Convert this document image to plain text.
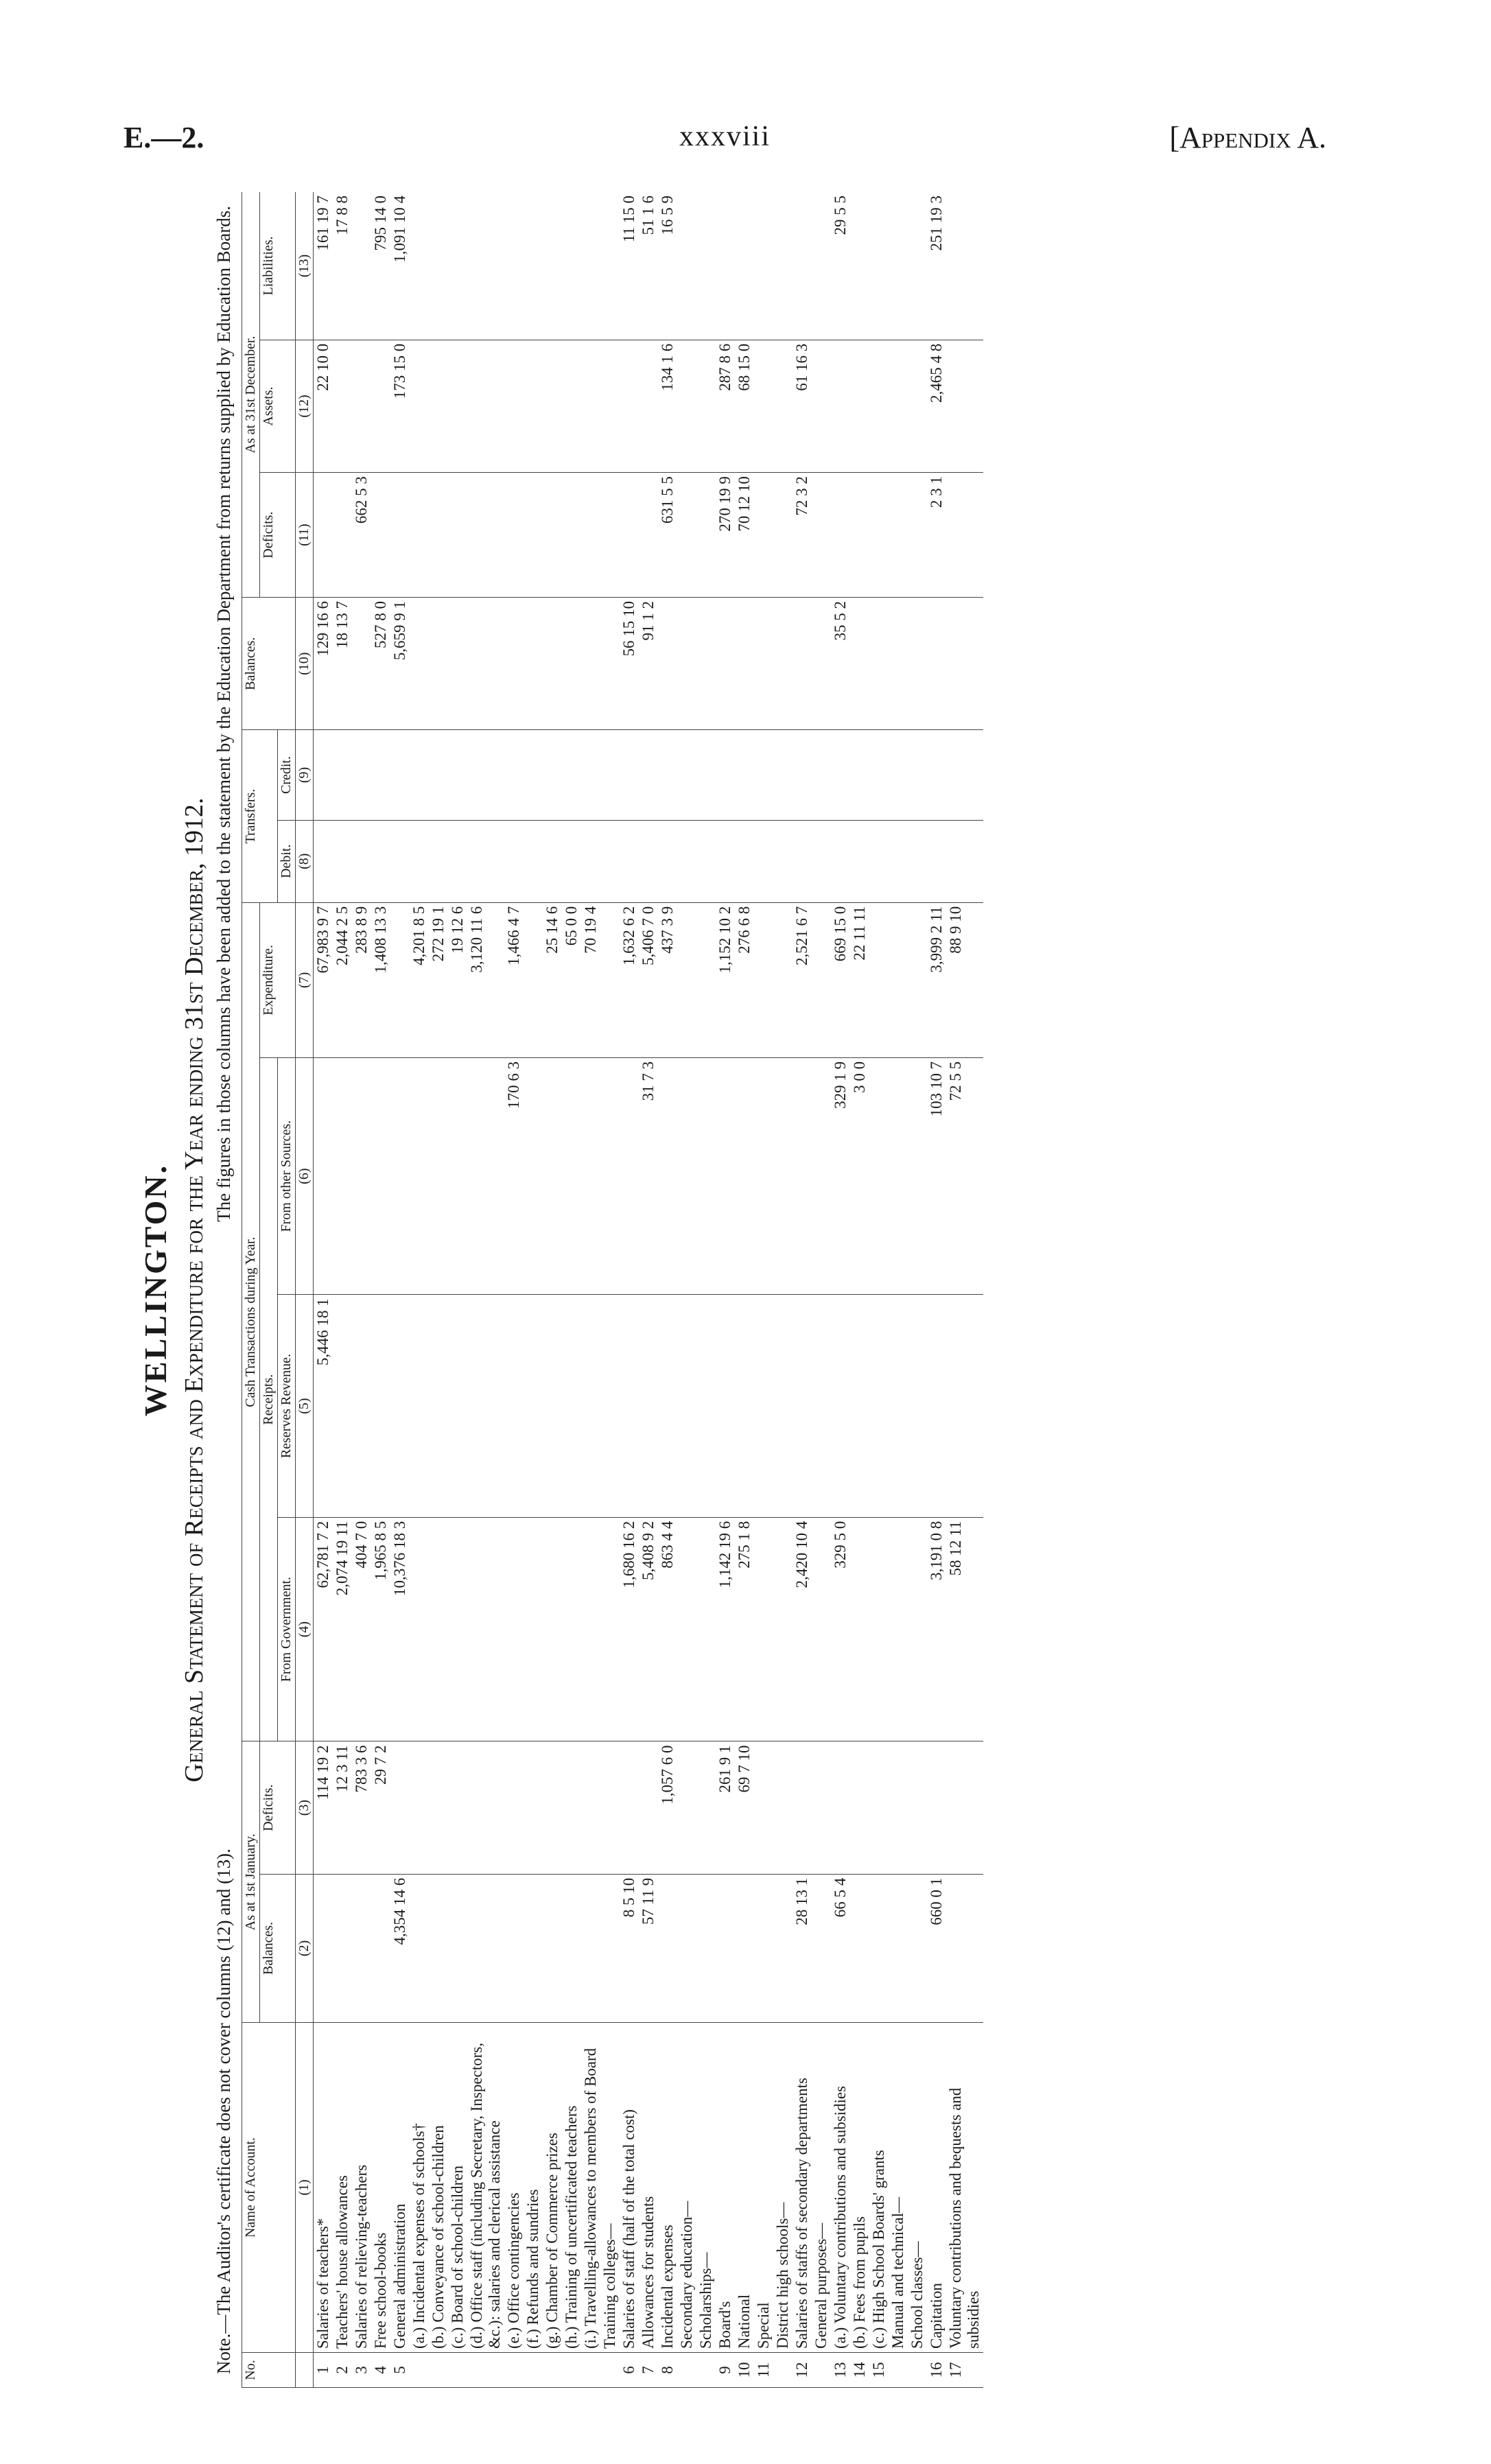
E.—2.	xxxviii	[Appendix A.
WELLINGTON. General Statement of Receipts and Expenditure for the Year ending 31st December, 1912.
Note.—The Auditor's certificate does not cover columns (12) and (13).
The figures in those columns have been added to the statement by the Education Department from returns supplied by Education Boards.
No.	Name of Account.	As at 1st January.		Cash Transactions during Year.				Transfers.		Balances.	As at 31st December.		
		Balances.	Deficits.	Receipts.			Expenditure.				Deficits.	Assets.	Liabilities.
				From Government.	Reserves Revenue.	From other Sources.		Debit.	Credit.				
	(1)	(2)	(3)	(4)	(5)	(6)	(7)	(8)	(9)	(10)	(11)	(12)	(13)
1	Salaries of teachers*		114 19 2	62,781 7 2	5,446 18 1		67,983 9 7			129 16 6		22 10 0	161 19 7
2	Teachers' house allowances		12 3 11	2,074 19 11			2,044 2 5			18 13 7			17 8 8
3	Salaries of relieving-teachers		783 3 6	404 7 0			283 8 9				662 5 3		
4	Free school-books		29 7 2	1,965 8 5			1,408 13 3			527 8 0			795 14 0
5	General administration	4,354 14 6		10,376 18 3						5,659 9 1		173 15 0	1,091 10 4
	(a.) Incidental expenses of schools†						4,201 8 5						
	(b.) Conveyance of school-children						272 19 1						
	(c.) Board of school-children						19 12 6						
	(d.) Office staff (including Secretary, Inspectors, &c.): salaries and clerical assistance						3,120 11 6						
	(e.) Office contingencies					170 6 3	1,466 4 7						
	(f.) Refunds and sundries												
	(g.) Chamber of Commerce prizes						25 14 6						
	(h.) Training of uncertificated teachers						65 0 0						
	(i.) Travelling-allowances to members of Board						70 19 4						
	Training colleges—												
6	Salaries of staff (half of the total cost)	8 5 10		1,680 16 2			1,632 6 2			56 15 10			11 15 0
7	Allowances for students	57 11 9		5,408 9 2		31 7 3	5,406 7 0			91 1 2			51 1 6
8	Incidental expenses		1,057 6 0	863 4 4			437 3 9				631 5 5	134 1 6	16 5 9
	Secondary education—												
	Scholarships—												
9	Board's		261 9 1	1,142 19 6			1,152 10 2				270 19 9	287 8 6	
10	National		69 7 10	275 1 8			276 6 8				70 12 10	68 15 0	
11	Special												
	District high schools—												
12	Salaries of staffs of secondary departments	28 13 1		2,420 10 4			2,521 6 7				72 3 2	61 16 3	
	General purposes—												
13	(a.) Voluntary contributions and subsidies	66 5 4		329 5 0		329 1 9	669 15 0			35 5 2			29 5 5
14	(b.) Fees from pupils					3 0 0	22 11 11						
15	(c.) High School Boards' grants												
	Manual and technical—												
	School classes—												
16	Capitation	660 0 1		3,191 0 8		103 10 7	3,999 2 11				2 3 1	2,465 4 8	251 19 3
17	Voluntary contributions and bequests and subsidies			58 12 11		72 5 5	88 9 10						
